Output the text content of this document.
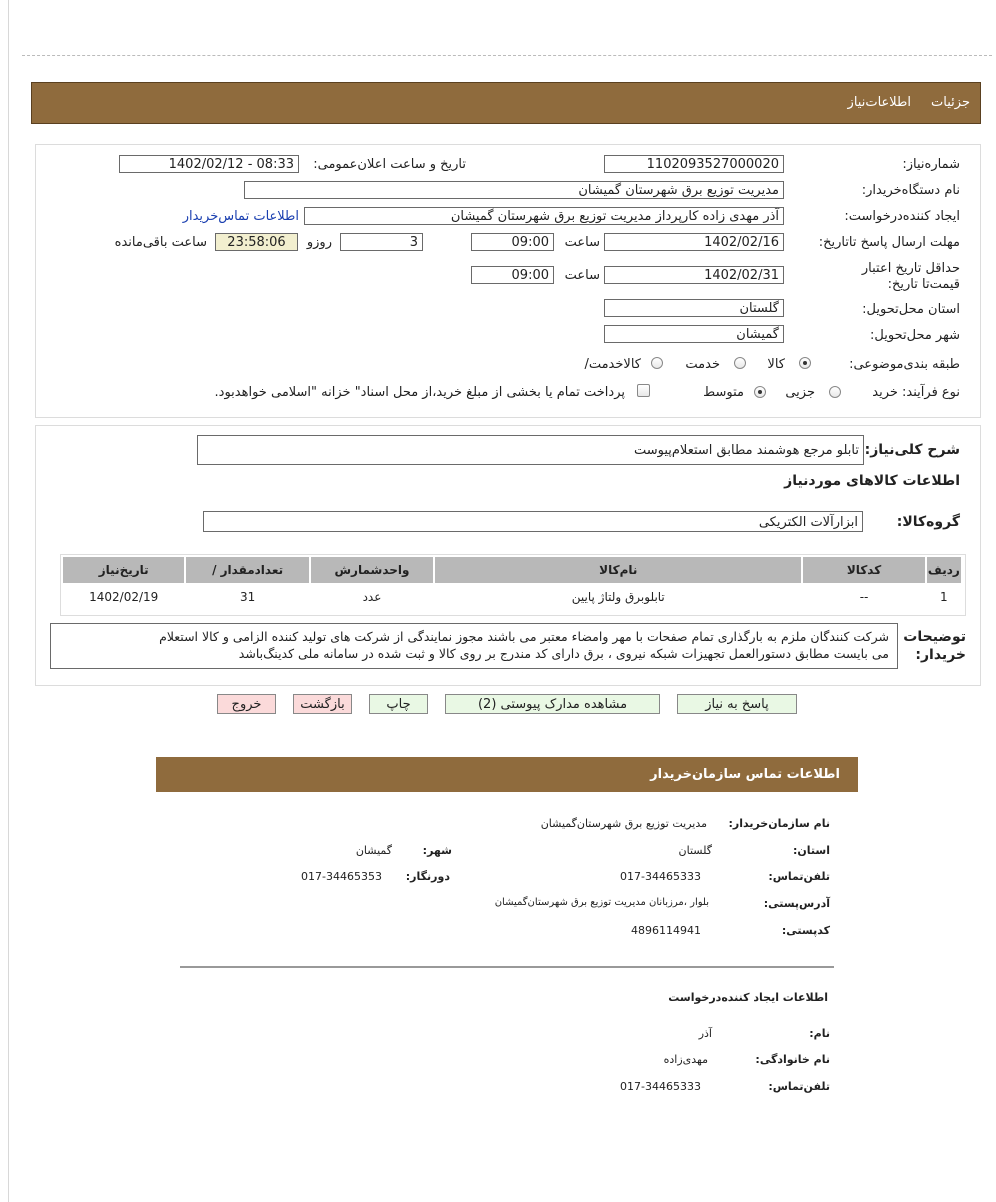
جزئیات
اطلاعات‌نیاز
شماره‌نیاز:
1102093527000020
تاریخ و ساعت اعلان‌عمومی:
1402/02/12 - 08:33
نام دستگاه‌خریدار:
مدیریت توزیع برق شهرستان گمیشان
ایجاد کننده‌درخواست:
آذر مهدی زاده کارپرداز مدیریت توزیع برق شهرستان گمیشان
اطلاعات تماس‌خریدار
مهلت ارسال پاسخ تا‌تاریخ:
1402/02/16
ساعت
09:00
3
روزو
23:58:06
ساعت باقی‌مانده
حداقل تاریخ اعتبار قیمت‌تا تاریخ:
1402/02/31
ساعت
09:00
استان محل‌تحویل:
گلستان
شهر محل‌تحویل:
گمیشان
طبقه بندی‌موضوعی:
کالا
خدمت
کالا‌خدمت/
نوع فرآیند: خرید
جزیی
متوسط
پرداخت تمام یا بخشی از مبلغ خرید،از محل اسناد" خزانه "اسلامی خواهد‌بود.
شرح کلی‌نیاز:
تابلو مرجع هوشمند مطابق استعلام‌پیوست
اطلاعات کالاهای موردنیاز
گروه‌کالا:
ابزارآلات الکتریکی
ردیف	کدکالا	نام‌کالا	واحدشمارش	تعداد‌مقدار /	تاریخ‌نیاز
1	--	تابلو‌برق ولتاژ پایین	عدد	31	1402/02/19
توضیحات خریدار:
شرکت کنندگان ملزم به بارگذاری تمام صفحات با مهر وامضاء معتبر می باشند مجوز نمایندگی از شرکت های تولید کننده الزامی و کالا استعلام
می بایست مطابق دستورالعمل تجهیزات شبکه نیروی ، برق دارای کد مندرج بر روی کالا و ثبت شده در سامانه ملی کدینگ‌باشد
پاسخ به نیاز
مشاهده مدارک پیوستی (2)
چاپ
بازگشت
خروج
اطلاعات تماس سازمان‌خریدار
نام سازمان‌خریدار:
مدیریت توزیع برق شهرستان‌گمیشان
استان:
گلستان
شهر:
گمیشان
تلفن‌تماس:
017-34465333
دورنگار:
017-34465353
آدرس‌پستی:
بلوار ،مرزبانان مدیریت توزیع برق شهرستان‌گمیشان
کد‌پستی:
4896114941
اطلاعات ایجاد کننده‌درخواست
نام:
آذر
نام خانوادگی:
مهدی‌زاده
تلفن‌تماس:
017-34465333
